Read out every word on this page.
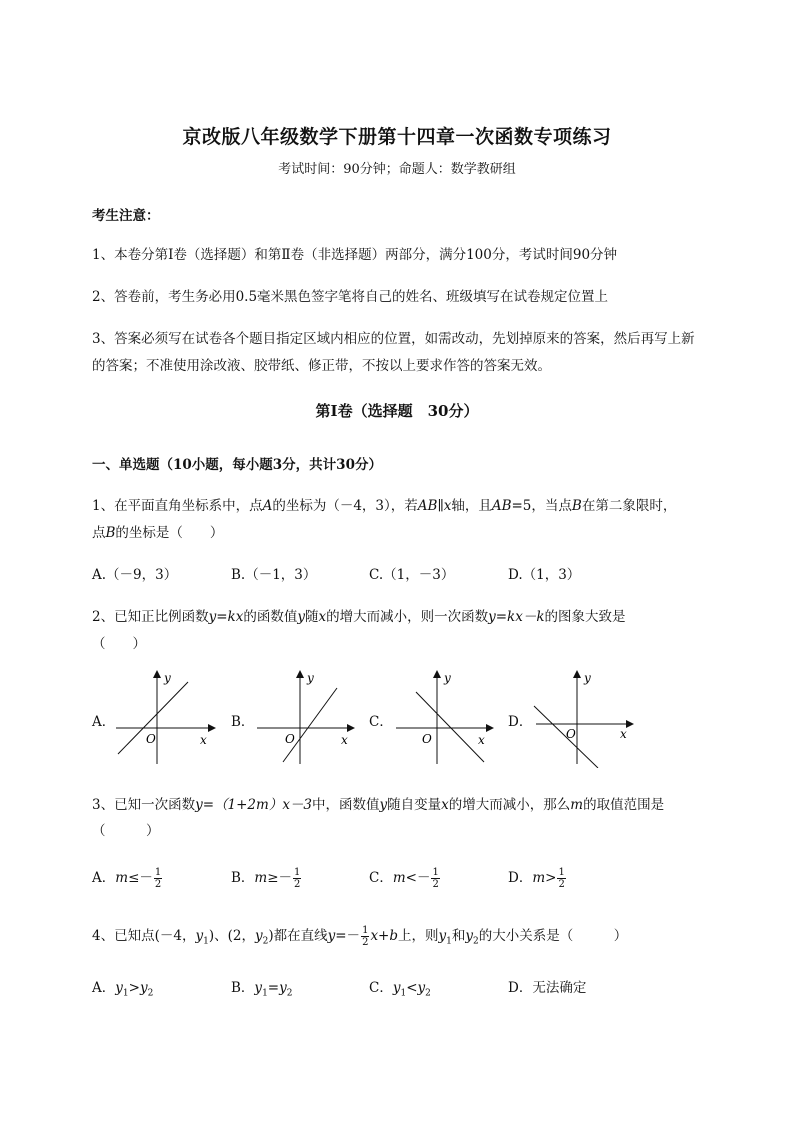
京改版八年级数学下册第十四章一次函数专项练习
考试时间：90分钟；命题人：数学教研组
考生注意：
1、本卷分第I卷（选择题）和第Ⅱ卷（非选择题）两部分，满分100分，考试时间90分钟
2、答卷前，考生务必用0.5毫米黑色签字笔将自己的姓名、班级填写在试卷规定位置上
3、答案必须写在试卷各个题目指定区域内相应的位置，如需改动，先划掉原来的答案，然后再写上新
的答案；不准使用涂改液、胶带纸、修正带，不按以上要求作答的答案无效。
第I卷（选择题　30分）
一、单选题（10小题，每小题3分，共计30分）
1、在平面直角坐标系中，点A的坐标为（－4，3），若AB∥x轴，且AB=5，当点B在第二象限时，
点B的坐标是（　　）
A.（－9，3）	B.（－1，3）	C.（1，－3）	D.（1，3）
2、已知正比例函数y=kx的函数值y随x的增大而减小，则一次函数y=kx－k的图象大致是
（　　）
A．	B．	C．	D．
x
y
O	x
y
O	x
y
O	x
y
O
3、已知一次函数y=（1+2m）x－3中，函数值y随自变量x的增大而减小，那么m的取值范围是
（　　　）
A．$m\le- \frac{1}{2}$	B．$m\ge- \frac{1}{2}$	C．$m<- \frac{1}{2}$	D．$m> \frac{1}{2}$
4、已知点(－4，$y_1$)、(2，$y_2$)都在直线$y=- \frac{1}{2} x+b$上，则$y_1$和$y_2$的大小关系是（　　　）
A．$y_1>y_2$	B．$y_1=y_2$	C．$y_1<y_2$	D．无法确定
